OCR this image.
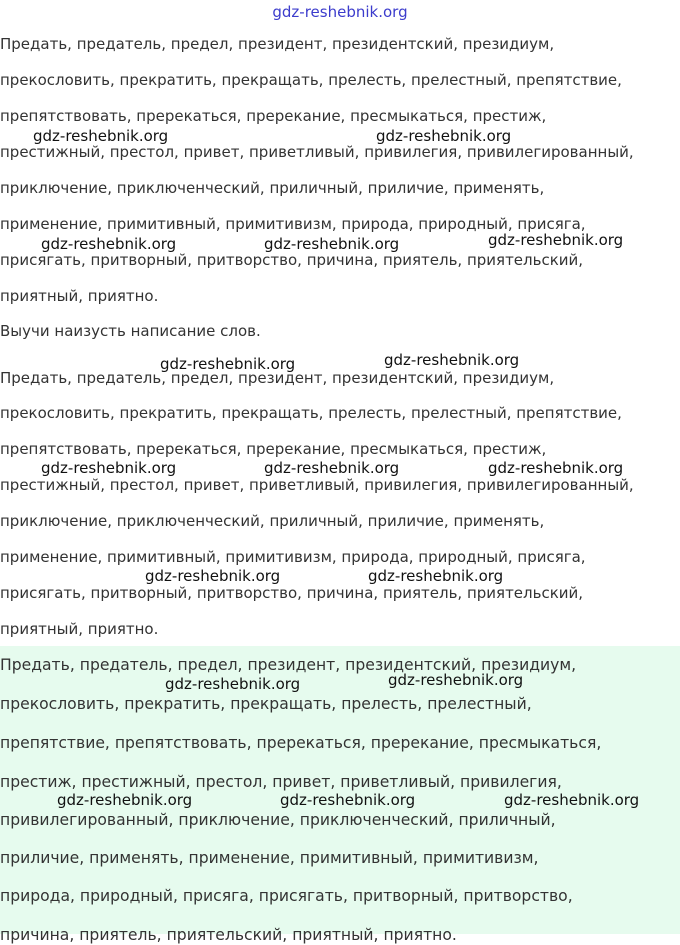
gdz-reshebnik.org

Предать, предатель, предел, президент, президентский, президиум,

прекословить, прекратить, прекращать, прелесть, прелестный, препятствие,

препятствовать, пререкаться, пререкание, пресмыкаться, престиж,

престижный, престол, привет, приветливый, привилегия, привилегированный,

приключение, приключенческий, приличный, приличие, применять,

применение, примитивный, примитивизм, природа, природный, присяга,

присягать, притворный, притворство, причина, приятель, приятельский,

приятный, приятно.

Выучи наизусть написание слов.

Предать, предатель, предел, президент, президентский, президиум,

прекословить, прекратить, прекращать, прелесть, прелестный, препятствие,

препятствовать, пререкаться, пререкание, пресмыкаться, престиж,

престижный, престол, привет, приветливый, привилегия, привилегированный,

приключение, приключенческий, приличный, приличие, применять,

применение, примитивный, примитивизм, природа, природный, присяга,

присягать, притворный, притворство, причина, приятель, приятельский,

приятный, приятно.

Предать, предатель, предел, президент, президентский, президиум,

прекословить, прекратить, прекращать, прелесть, прелестный,

препятствие, препятствовать, пререкаться, пререкание, пресмыкаться,

престиж, престижный, престол, привет, приветливый, привилегия,

привилегированный, приключение, приключенческий, приличный,

приличие, применять, применение, примитивный, примитивизм,

природа, природный, присяга, присягать, притворный, притворство,

причина, приятель, приятельский, приятный, приятно.

gdz-reshebnik.org	gdz-reshebnik.org
gdz-reshebnik.org	gdz-reshebnik.org	gdz-reshebnik.org
gdz-reshebnik.org	gdz-reshebnik.org
gdz-reshebnik.org	gdz-reshebnik.org	gdz-reshebnik.org
gdz-reshebnik.org	gdz-reshebnik.org
gdz-reshebnik.org	gdz-reshebnik.org
gdz-reshebnik.org	gdz-reshebnik.org	gdz-reshebnik.org
